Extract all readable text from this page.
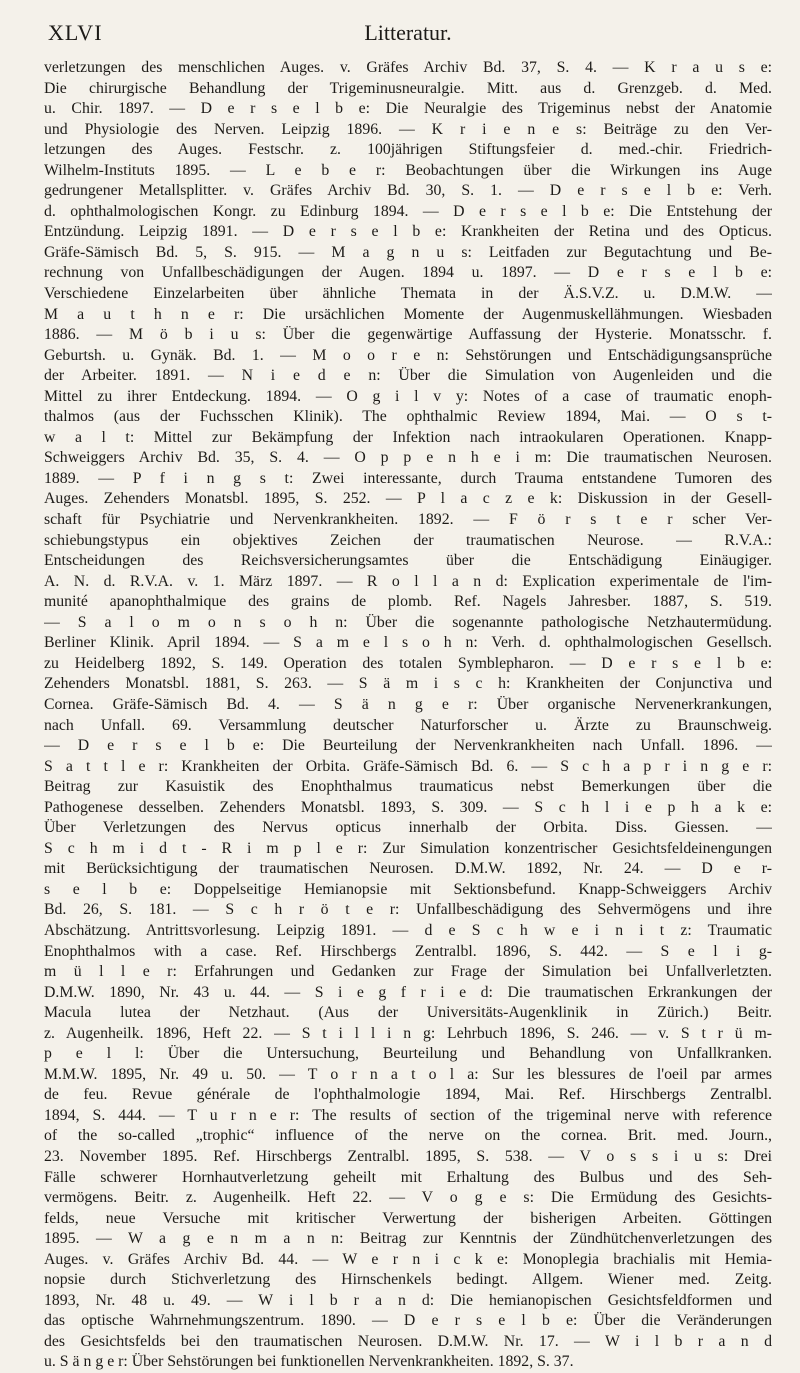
XLVI	Litteratur.
verletzungen des menschlichen Auges. v. Gräfes Archiv Bd. 37, S. 4. — K r a u s e:
Die chirurgische Behandlung der Trigeminusneuralgie. Mitt. aus d. Grenzgeb. d. Med.
u. Chir. 1897. — D e r s e l b e: Die Neuralgie des Trigeminus nebst der Anatomie
und Physiologie des Nerven. Leipzig 1896. — K r i e n e s: Beiträge zu den Ver-
letzungen des Auges. Festschr. z. 100jährigen Stiftungsfeier d. med.-chir. Friedrich-
Wilhelm-Instituts 1895. — L e b e r: Beobachtungen über die Wirkungen ins Auge
gedrungener Metallsplitter. v. Gräfes Archiv Bd. 30, S. 1. — D e r s e l b e: Verh.
d. ophthalmologischen Kongr. zu Edinburg 1894. — D e r s e l b e: Die Entstehung der
Entzündung. Leipzig 1891. — D e r s e l b e: Krankheiten der Retina und des Opticus.
Gräfe-Sämisch Bd. 5, S. 915. — M a g n u s: Leitfaden zur Begutachtung und Be-
rechnung von Unfallbeschädigungen der Augen. 1894 u. 1897. — D e r s e l b e:
Verschiedene Einzelarbeiten über ähnliche Themata in der Ä.S.V.Z. u. D.M.W. —
M a u t h n e r: Die ursächlichen Momente der Augenmuskellähmungen. Wiesbaden
1886. — M ö b i u s: Über die gegenwärtige Auffassung der Hysterie. Monatsschr. f.
Geburtsh. u. Gynäk. Bd. 1. — M o o r e n: Sehstörungen und Entschädigungsansprüche
der Arbeiter. 1891. — N i e d e n: Über die Simulation von Augenleiden und die
Mittel zu ihrer Entdeckung. 1894. — O g i l v y: Notes of a case of traumatic enoph-
thalmos (aus der Fuchsschen Klinik). The ophthalmic Review 1894, Mai. — O s t-
w a l t: Mittel zur Bekämpfung der Infektion nach intraokularen Operationen. Knapp-
Schweiggers Archiv Bd. 35, S. 4. — O p p e n h e i m: Die traumatischen Neurosen.
1889. — P f i n g s t: Zwei interessante, durch Trauma entstandene Tumoren des
Auges. Zehenders Monatsbl. 1895, S. 252. — P l a c z e k: Diskussion in der Gesell-
schaft für Psychiatrie und Nervenkrankheiten. 1892. — F ö r s t e r scher Ver-
schiebungstypus ein objektives Zeichen der traumatischen Neurose. — R.V.A.:
Entscheidungen des Reichsversicherungsamtes über die Entschädigung Einäugiger.
A. N. d. R.V.A. v. 1. März 1897. — R o l l a n d: Explication experimentale de l'im-
munité apanophthalmique des grains de plomb. Ref. Nagels Jahresber. 1887, S. 519.
— S a l o m o n s o h n: Über die sogenannte pathologische Netzhautermüdung.
Berliner Klinik. April 1894. — S a m e l s o h n: Verh. d. ophthalmologischen Gesellsch.
zu Heidelberg 1892, S. 149. Operation des totalen Symblepharon. — D e r s e l b e:
Zehenders Monatsbl. 1881, S. 263. — S ä m i s c h: Krankheiten der Conjunctiva und
Cornea. Gräfe-Sämisch Bd. 4. — S ä n g e r: Über organische Nervenerkrankungen,
nach Unfall. 69. Versammlung deutscher Naturforscher u. Ärzte zu Braunschweig.
— D e r s e l b e: Die Beurteilung der Nervenkrankheiten nach Unfall. 1896. —
S a t t l e r: Krankheiten der Orbita. Gräfe-Sämisch Bd. 6. — S c h a p r i n g e r:
Beitrag zur Kasuistik des Enophthalmus traumaticus nebst Bemerkungen über die
Pathogenese desselben. Zehenders Monatsbl. 1893, S. 309. — S c h l i e p h a k e:
Über Verletzungen des Nervus opticus innerhalb der Orbita. Diss. Giessen. —
S c h m i d t - R i m p l e r: Zur Simulation konzentrischer Gesichtsfeldeinengungen
mit Berücksichtigung der traumatischen Neurosen. D.M.W. 1892, Nr. 24. — D e r-
s e l b e: Doppelseitige Hemianopsie mit Sektionsbefund. Knapp-Schweiggers Archiv
Bd. 26, S. 181. — S c h r ö t e r: Unfallbeschädigung des Sehvermögens und ihre
Abschätzung. Antrittsvorlesung. Leipzig 1891. — d e S c h w e i n i t z: Traumatic
Enophthalmos with a case. Ref. Hirschbergs Zentralbl. 1896, S. 442. — S e l i g-
m ü l l e r: Erfahrungen und Gedanken zur Frage der Simulation bei Unfallverletzten.
D.M.W. 1890, Nr. 43 u. 44. — S i e g f r i e d: Die traumatischen Erkrankungen der
Macula lutea der Netzhaut. (Aus der Universitäts-Augenklinik in Zürich.) Beitr.
z. Augenheilk. 1896, Heft 22. — S t i l l i n g: Lehrbuch 1896, S. 246. — v. S t r ü m-
p e l l: Über die Untersuchung, Beurteilung und Behandlung von Unfallkranken.
M.M.W. 1895, Nr. 49 u. 50. — T o r n a t o l a: Sur les blessures de l'oeil par armes
de feu. Revue générale de l'ophthalmologie 1894, Mai. Ref. Hirschbergs Zentralbl.
1894, S. 444. — T u r n e r: The results of section of the trigeminal nerve with reference
of the so-called „trophic“ influence of the nerve on the cornea. Brit. med. Journ.,
23. November 1895. Ref. Hirschbergs Zentralbl. 1895, S. 538. — V o s s i u s: Drei
Fälle schwerer Hornhautverletzung geheilt mit Erhaltung des Bulbus und des Seh-
vermögens. Beitr. z. Augenheilk. Heft 22. — V o g e s: Die Ermüdung des Gesichts-
felds, neue Versuche mit kritischer Verwertung der bisherigen Arbeiten. Göttingen
1895. — W a g e n m a n n: Beitrag zur Kenntnis der Zündhütchenverletzungen des
Auges. v. Gräfes Archiv Bd. 44. — W e r n i c k e: Monoplegia brachialis mit Hemia-
nopsie durch Stichverletzung des Hirnschenkels bedingt. Allgem. Wiener med. Zeitg.
1893, Nr. 48 u. 49. — W i l b r a n d: Die hemianopischen Gesichtsfeldformen und
das optische Wahrnehmungszentrum. 1890. — D e r s e l b e: Über die Veränderungen
des Gesichtsfelds bei den traumatischen Neurosen. D.M.W. Nr. 17. — W i l b r a n d
u. S ä n g e r: Über Sehstörungen bei funktionellen Nervenkrankheiten. 1892, S. 37.
